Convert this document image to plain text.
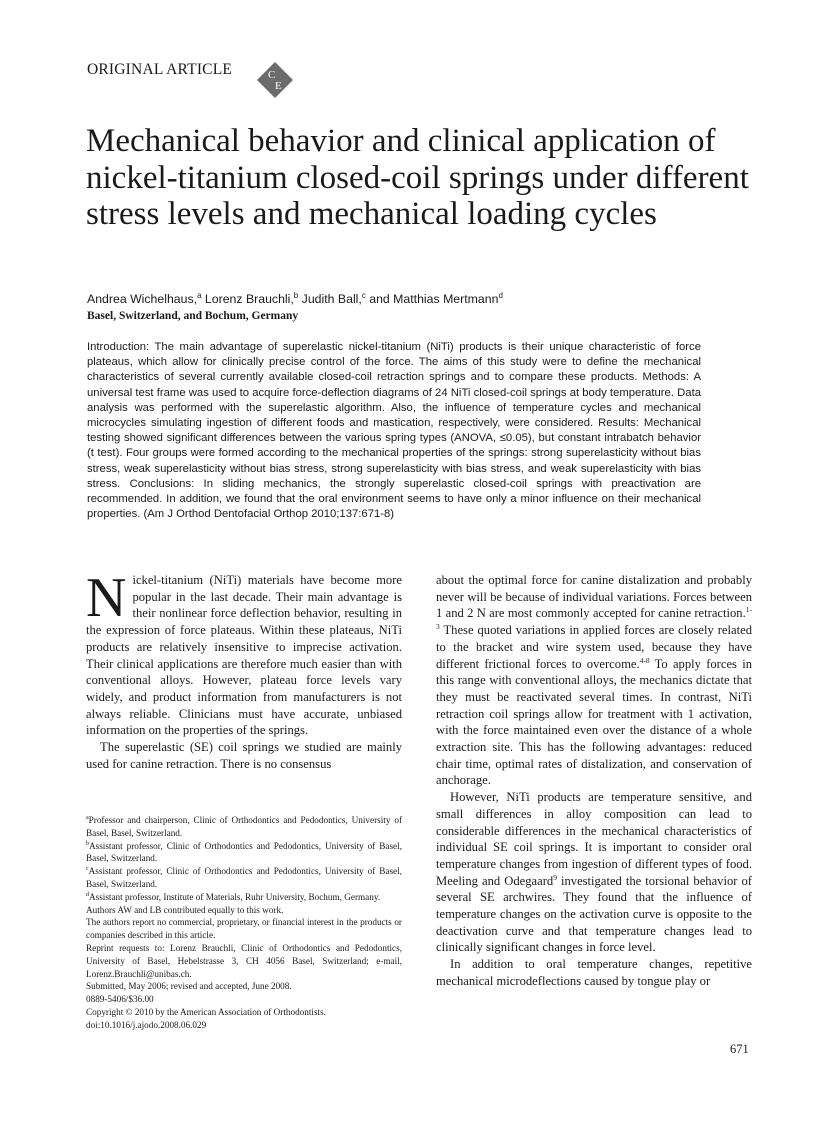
ORIGINAL ARTICLE	C
E
Mechanical behavior and clinical application of nickel-titanium closed-coil springs under different stress levels and mechanical loading cycles
Andrea Wichelhaus,$^a$ Lorenz Brauchli,$^b$ Judith Ball,$^c$ and Matthias Mertmann$^d$
Basel, Switzerland, and Bochum, Germany

Introduction: The main advantage of superelastic nickel-titanium (NiTi) products is their unique characteristic of force plateaus, which allow for clinically precise control of the force. The aims of this study were to define the mechanical characteristics of several currently available closed-coil retraction springs and to compare these products. Methods: A universal test frame was used to acquire force-deflection diagrams of 24 NiTi closed-coil springs at body temperature. Data analysis was performed with the superelastic algorithm. Also, the influence of temperature cycles and mechanical microcycles simulating ingestion of different foods and mastication, respectively, were considered. Results: Mechanical testing showed significant differences between the various spring types (ANOVA, ≤0.05), but constant intrabatch behavior (t test). Four groups were formed according to the mechanical properties of the springs: strong superelasticity without bias stress, weak superelasticity without bias stress, strong superelasticity with bias stress, and weak superelasticity with bias stress. Conclusions: In sliding mechanics, the strongly superelastic closed-coil springs with preactivation are recommended. In addition, we found that the oral environment seems to have only a minor influence on their mechanical properties. (Am J Orthod Dentofacial Orthop 2010;137:671-8)

Nickel-titanium (NiTi) materials have become more popular in the last decade. Their main advantage is their nonlinear force deflection behavior, resulting in the expression of force plateaus. Within these plateaus, NiTi products are relatively insensitive to imprecise activation. Their clinical applications are therefore much easier than with conventional alloys. However, plateau force levels vary widely, and product information from manufacturers is not always reliable. Clinicians must have accurate, unbiased information on the properties of the springs.

The superelastic (SE) coil springs we studied are mainly used for canine retraction. There is no consensus

about the optimal force for canine distalization and probably never will be because of individual variations. Forces between 1 and 2 N are most commonly accepted for canine retraction.$^{1-3}$ These quoted variations in applied forces are closely related to the bracket and wire system used, because they have different frictional forces to overcome.$^{4-8}$ To apply forces in this range with conventional alloys, the mechanics dictate that they must be reactivated several times. In contrast, NiTi retraction coil springs allow for treatment with 1 activation, with the force maintained even over the distance of a whole extraction site. This has the following advantages: reduced chair time, optimal rates of distalization, and conservation of anchorage.

However, NiTi products are temperature sensitive, and small differences in alloy composition can lead to considerable differences in the mechanical characteristics of individual SE coil springs. It is important to consider oral temperature changes from ingestion of different types of food. Meeling and Odegaard$^9$ investigated the torsional behavior of several SE archwires. They found that the influence of temperature changes on the activation curve is opposite to the deactivation curve and that temperature changes lead to clinically significant changes in force level.

In addition to oral temperature changes, repetitive mechanical microdeflections caused by tongue play or

$^a$Professor and chairperson, Clinic of Orthodontics and Pedodontics, University of Basel, Basel, Switzerland.
$^b$Assistant professor, Clinic of Orthodontics and Pedodontics, University of Basel, Basel, Switzerland.
$^c$Assistant professor, Clinic of Orthodontics and Pedodontics, University of Basel, Basel, Switzerland.
$^d$Assistant professor, Institute of Materials, Ruhr University, Bochum, Germany.
Authors AW and LB contributed equally to this work.
The authors report no commercial, proprietary, or financial interest in the products or companies described in this article.
Reprint requests to: Lorenz Brauchli, Clinic of Orthodontics and Pedodontics, University of Basel, Hebelstrasse 3, CH 4056 Basel, Switzerland; e-mail, Lorenz.Brauchli@unibas.ch.
Submitted, May 2006; revised and accepted, June 2008.
0889-5406/$36.00
Copyright © 2010 by the American Association of Orthodontists.
doi:10.1016/j.ajodo.2008.06.029
671
